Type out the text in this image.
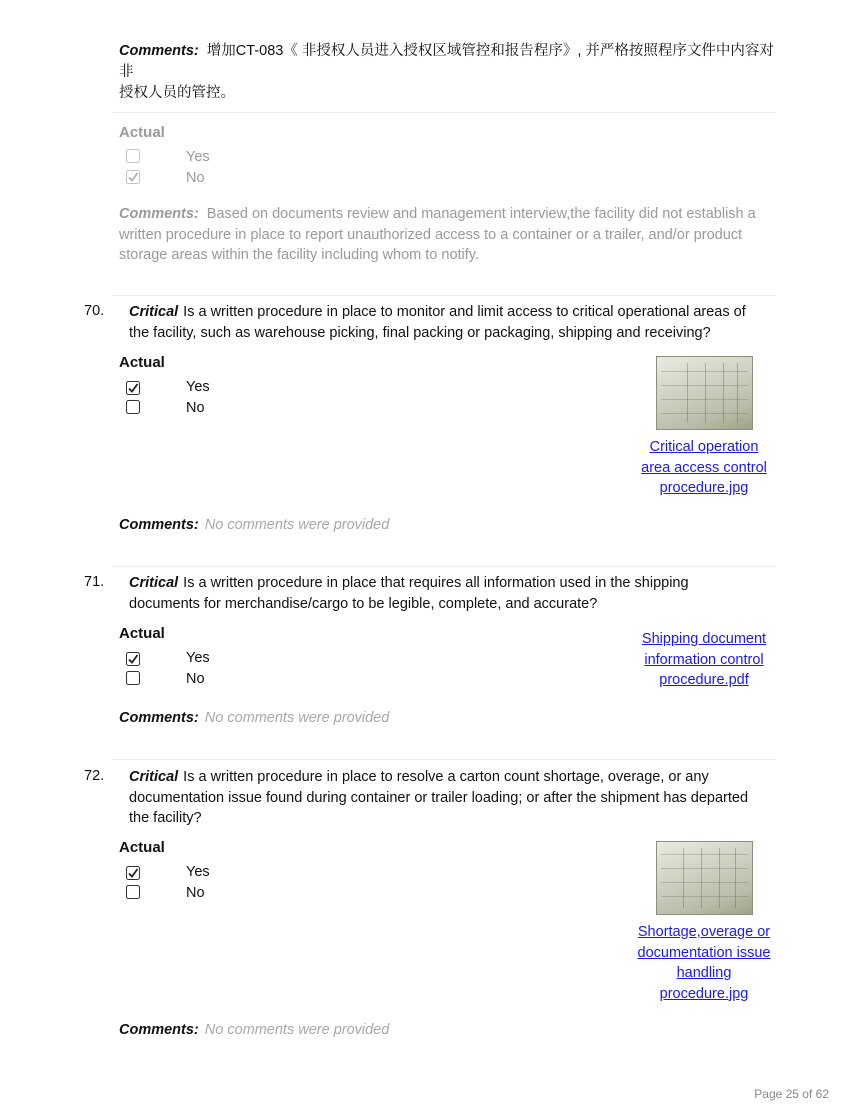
Comments: 增加CT-083《 非授权人员进入授权区域管控和报告程序》, 并严格按照程序文件中内容对非
授权人员的管控。
Actual
Yes
No
Comments: Based on documents review and management interview,the facility did not establish a
written procedure in place to report unauthorized access to a container or a trailer, and/or product
storage areas within the facility including whom to notify.
70. Critical Is a written procedure in place to monitor and limit access to critical operational areas of
the facility, such as warehouse picking, final packing or packaging, shipping and receiving?
Actual
Yes
No
Critical operation
area access control
procedure.jpg
Comments: No comments were provided
71. Critical Is a written procedure in place that requires all information used in the shipping
documents for merchandise/cargo to be legible, complete, and accurate?
Actual
Yes
No
Shipping document
information control
procedure.pdf
Comments: No comments were provided
72. Critical Is a written procedure in place to resolve a carton count shortage, overage, or any
documentation issue found during container or trailer loading; or after the shipment has departed
the facility?
Actual
Yes
No
Shortage,overage or
documentation issue
handling
procedure.jpg
Comments: No comments were provided
Page 25 of 62
